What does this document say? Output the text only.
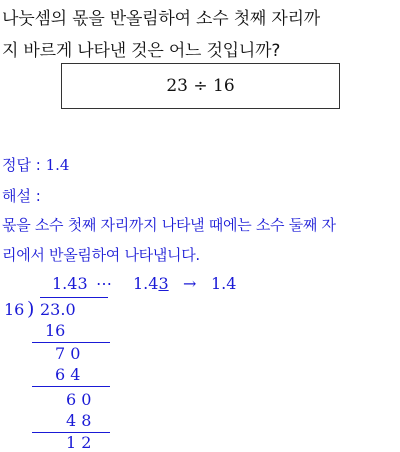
나눗셈의 몫을 반올림하여 소수 첫째 자리까
지 바르게 나타낸 것은 어느 것입니까?
23 ÷ 16
정답 : 1.4
해설 :
몫을 소수 첫째 자리까지 나타낼 때에는 소수 둘째 자
리에서 반올림하여 나타냅니다.
1.43 ⋯ 1.43 → 1.4
16 ) 23.0
16
7 0
6 4
6 0
4 8
1 2
